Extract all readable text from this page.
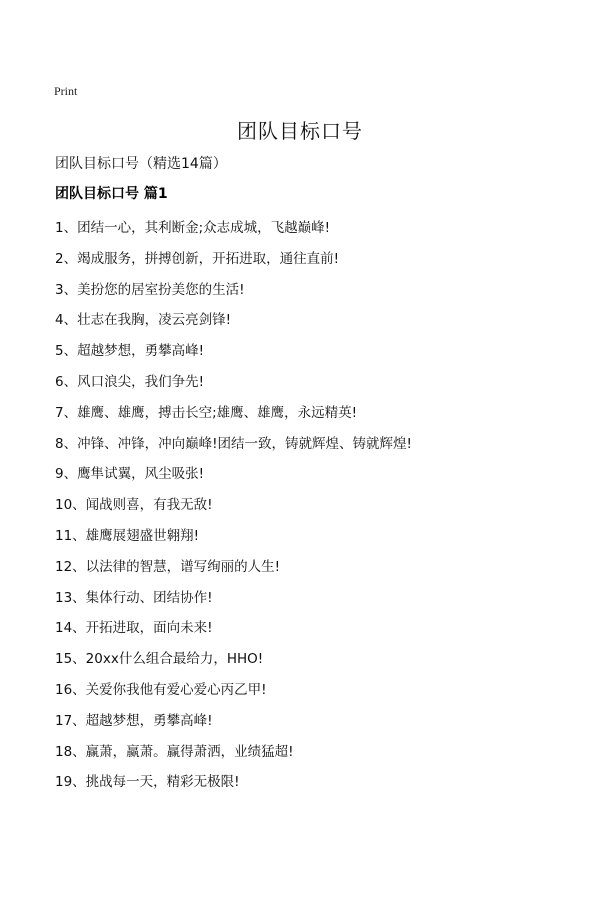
Print
团队目标口号
团队目标口号（精选14篇）
团队目标口号 篇1
1、团结一心，其利断金;众志成城，飞越巅峰!
2、竭成服务，拼搏创新，开拓进取，通往直前!
3、美扮您的居室扮美您的生活!
4、壮志在我胸，凌云亮剑锋!
5、超越梦想，勇攀高峰!
6、风口浪尖，我们争先!
7、雄鹰、雄鹰，搏击长空;雄鹰、雄鹰，永远精英!
8、冲锋、冲锋，冲向巅峰!团结一致，铸就辉煌、铸就辉煌!
9、鹰隼试翼，风尘吸张!
10、闻战则喜，有我无敌!
11、雄鹰展翅盛世翱翔!
12、以法律的智慧，谱写绚丽的人生!
13、集体行动、团结协作!
14、开拓进取，面向未来!
15、20xx什么组合最给力，HHO!
16、关爱你我他有爱心爱心丙乙甲!
17、超越梦想，勇攀高峰!
18、赢萧，赢萧。赢得萧洒，业绩猛超!
19、挑战每一天，精彩无极限!
